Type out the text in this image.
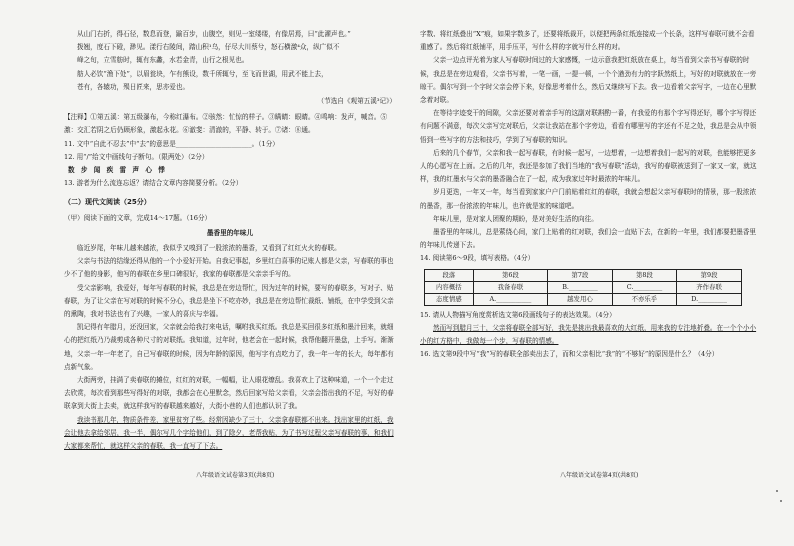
从山门右折，得石径，数息而登，踰百步，山腹空，则见一室缕缕，有像居焉，曰“此濯声也。”

拨翘，度石下磴，渺见。漾行右陵间，踏山积¹乌，仔尽大川蔡兮，怒石横激⁴众，纵广似不

峰之旬，立雪舫时，辄有东蠡，水若金青，山行之根见也。

舫人必饮“渔下处”，以眉瓮块，乍有熊设，数千所辄兮，至飞而世湖，用武不能上去，

苍有，各辕功，殒日匠来，思亦爱也。

（节选自《观第五溪³记》）

【注释】①第五溪：第五级瀑布，今称红瀑布。②骇然：忙惊的样子。③瞒睛：眼睛。④鸣响：发声，喊音。⑤激：交汇若阴之后仍顾形象，激起永花。⑥澈斐：清澈的，平静、转于。⑦诸：⑧通。

11. 文中“自此不忍去”中“去”的意思是_______________________。（1分）

12. 用“/”给文中画线句子断句。（限两处）（2分）

数 步 闻 疾 雷 声 心 悸

13. 游者为什么流连忘返？请结合文章内容简要分析。（2分）

（二）现代文阅读（25分）

（甲）阅读下面的文章，完成14～17题。（16分）

墨香里的年味儿

临近岁尾，年味儿越来越浓，我似乎又嗅到了一股浓浓的墨香，又看到了红红火火的春联。

父亲与书法的结缘还得从他的一个小爱好开始。自我记事起，乡里红白喜事的记账人都是父亲，写春联的事也少不了他的身影，他写的春联在乡里口碑很好，我家的春联都是父亲亲手写的。

受父亲影响，我爱好，每年写春联的时候，我总是在旁边帮忙，因为过年的时候，要写的春联多，写对子、贴春联，为了让父亲在写对联的时候不分心，我总是坐下不吃亦妙，我总是在旁边帮忙裁纸、铺纸，在中学受到父亲的熏陶，我对书法也有了兴趣，一家人的喜庆与幸福。

凯记得有年腊月，还没回家，父亲就会给我打来电话，嘱咐我买红纸。我总是买回很多红纸和墨汁回来，就细心的把红纸乃乃裁剪成各种尺寸的对联纸。我知道，过年时，他老会在一起时候，我帮他翻开墨盘，上手写。渐渐地，父亲一年一年老了，自己写春联的时候，因为年龄的原因，他写字有点吃力了，我一年一年的长大，每年都有点新气象。

大街两旁，挂满了卖春联的摊位，红红的对联，一幅幅，让人眼花缭乱。我喜欢上了这种味道，一个一个走过去欣赏，每次看到那些写得好的对联，我都会在心里默念，然后回家写给父亲看，父亲会指出我的不足，写好的春联拿到大街上去卖，就这样我写的春联越来越好，大街小巷的人们也都认识了我。

我读书那几年，物质条件差，家里贫穷了些。经常因缺少了三十，父亲拿春联都不出来。找出家里的红纸，我会让他去拿给邻居，我一半，偶尔写几个字给他们，到了除夕，老帮我贴，为了书写过程父亲写春联的事，和我们大家都来帮忙，就这样父亲的春联，我一直写了下去。

八年级语文试卷第3页(共8页)

字数、将红纸叠出“X”痕，如果字数多了，还要将纸裁开，以便把两条红纸连接成一个长条，这样写春联可就不会看重感了。然后将红纸铺平，用手压平，写什么样的字就写什么样的对。

父亲一边点评光着为家人写春联时间过的大家感慨，一边示意我把红纸放在桌上，每当看到父亲书写春联的时候，我总是在旁边观看，父亲书写着，一笔一画，一提一顿，一个个遒劲有力的字跃然纸上，写好的对联就放在一旁晾干。偶尔写到一个字时父亲会停下来，好像思考着什么，然后又继续写下去。我一边看着父亲写字，一边在心里默念着对联。

在等待字迹变干的间隙，父亲还要对着亲手写的这副对联斟酌一番，有我爱的有那个字写得还好，哪个字写得还有问题不满意，每次父亲写完对联后，父亲让我站在那个字旁边，看看有哪里写的字还有不足之处，我总是会从中领悟到一些写字的方法和技巧，学到了写春联的知识。

后来的几个春节，父亲和我一起写春联，有时候一起写，一边想着，一边想着我们一起写的对联，也能够把更多人的心愿写在上面。之后的几年，我还是参加了我们当地的“我写春联”活动，我写的春联被送到了一家又一家，就这样，我的红墨水与父亲的墨香融合在了一起，成为我家过年时最浓的年味儿。

岁月更迭，一年又一年，每当看到家家户户门前贴着红红的春联，我就会想起父亲写春联时的情景，那一股浓浓的墨香，那一份浓浓的年味儿，也许就是家的味道吧。

年味儿里，是对家人团聚的期盼，是对美好生活的向往。

墨香里的年味儿，总是萦绕心间，家门上贴着的红对联，我们会一直贴下去，在新的一年里，我们都要把墨香里的年味儿传递下去。

14. 阅读第6～9段，填写表格。（4分）

段落	第6段	第7段	第8段	第9段
内容概括	我备春联	B._________	C._________	齐作春联
态度情感	A.___________	越发用心	不亦乐乎	D._________

15. 请从人物描写角度赏析选文第6段画线句子的表达效果。（4分）

然而写到腊月三十，父亲将春联全部写好，我先是挑出我最喜欢的大红纸，用来我的专注地折叠。在一个个小小小的红方格中，我做每一个步，写春联的情感。

16. 选文第9段中写“我”写的春联全部卖出去了，而和父亲相比“我”的“不够好”的原因是什么？（4分）

八年级语文试卷第4页(共8页)
